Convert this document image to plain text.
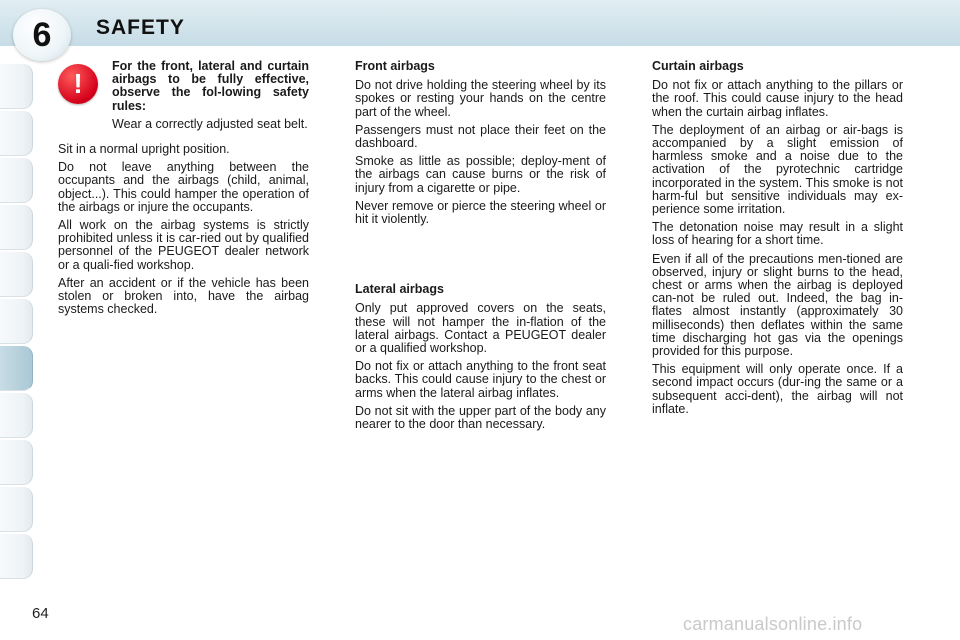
6 SAFETY
!

For the front, lateral and curtain airbags to be fully effective, observe the fol-lowing safety rules:

Wear a correctly adjusted seat belt.

Sit in a normal upright position.

Do not leave anything between the occupants and the airbags (child, animal, object...). This could hamper the operation of the airbags or injure the occupants.

All work on the airbag systems is strictly prohibited unless it is car-ried out by qualified personnel of the PEUGEOT dealer network or a quali-fied workshop.

After an accident or if the vehicle has been stolen or broken into, have the airbag systems checked.

Front airbags

Do not drive holding the steering wheel by its spokes or resting your hands on the centre part of the wheel.

Passengers must not place their feet on the dashboard.

Smoke as little as possible; deploy-ment of the airbags can cause burns or the risk of injury from a cigarette or pipe.

Never remove or pierce the steering wheel or hit it violently.

Lateral airbags

Only put approved covers on the seats, these will not hamper the in-flation of the lateral airbags. Contact a PEUGEOT dealer or a qualified workshop.

Do not fix or attach anything to the front seat backs. This could cause injury to the chest or arms when the lateral airbag inflates.

Do not sit with the upper part of the body any nearer to the door than necessary.

Curtain airbags

Do not fix or attach anything to the pillars or the roof. This could cause injury to the head when the curtain airbag inflates.

The deployment of an airbag or air-bags is accompanied by a slight emission of harmless smoke and a noise due to the activation of the pyrotechnic cartridge incorporated in the system. This smoke is not harm-ful but sensitive individuals may ex-perience some irritation.

The detonation noise may result in a slight loss of hearing for a short time.

Even if all of the precautions men-tioned are observed, injury or slight burns to the head, chest or arms when the airbag is deployed can-not be ruled out. Indeed, the bag in-flates almost instantly (approximately 30 milliseconds) then deflates within the same time discharging hot gas via the openings provided for this purpose.

This equipment will only operate once. If a second impact occurs (dur-ing the same or a subsequent acci-dent), the airbag will not inflate.

64
carmanualsonline.info
